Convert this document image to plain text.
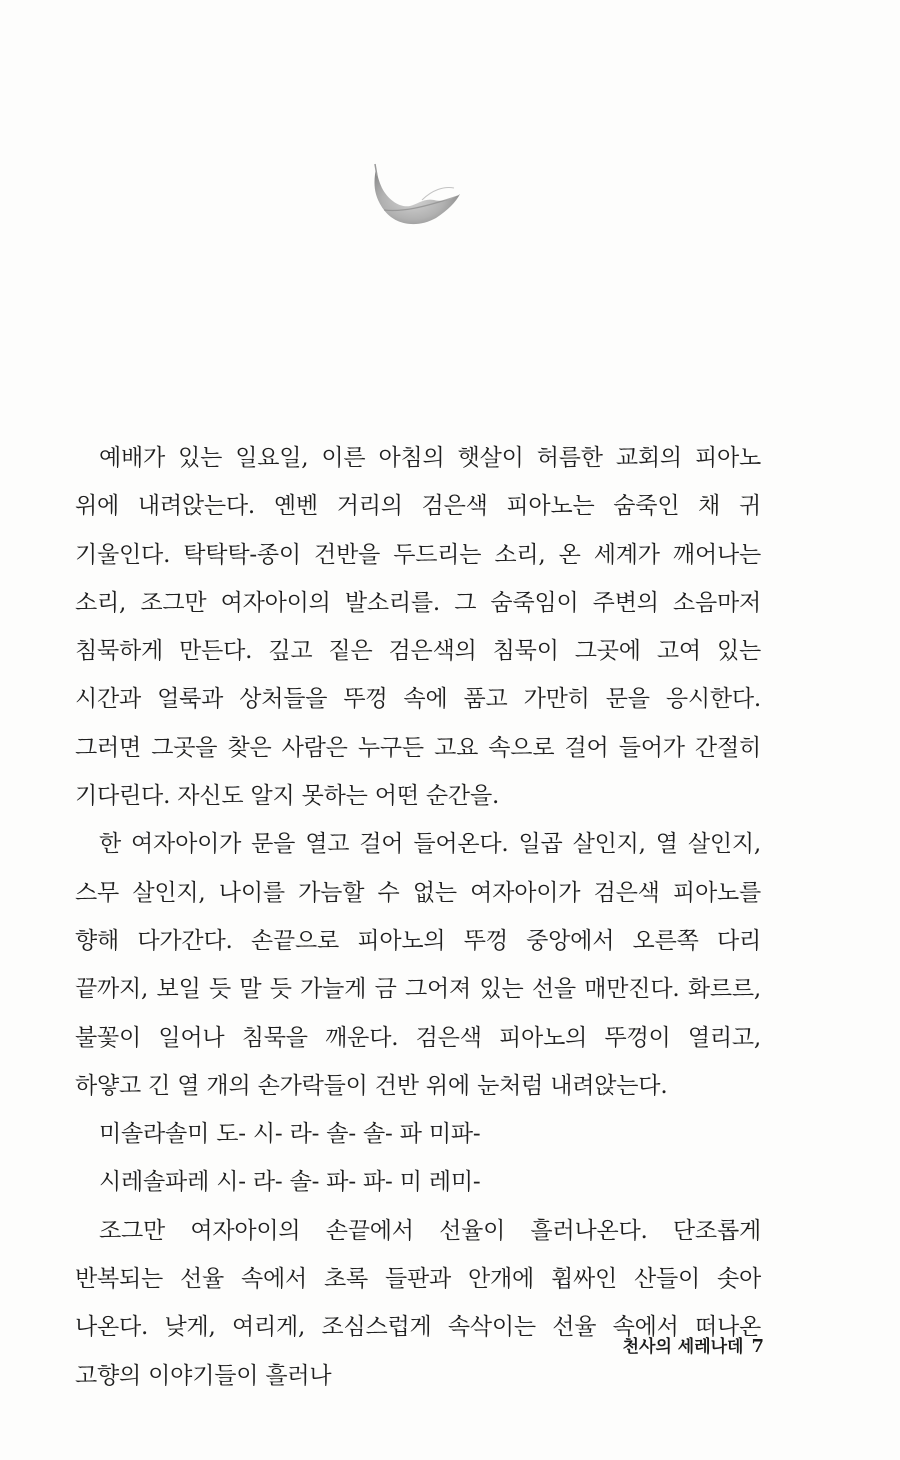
예배가 있는 일요일, 이른 아침의 햇살이 허름한 교회의 피아노 위에 내려앉는다. 옌벤 거리의 검은색 피아노는 숨죽인 채 귀 기울인다. 탁탁탁-종이 건반을 두드리는 소리, 온 세계가 깨어나는 소리, 조그만 여자아이의 발소리를. 그 숨죽임이 주변의 소음마저 침묵하게 만든다. 깊고 짙은 검은색의 침묵이 그곳에 고여 있는 시간과 얼룩과 상처들을 뚜껑 속에 품고 가만히 문을 응시한다. 그러면 그곳을 찾은 사람은 누구든 고요 속으로 걸어 들어가 간절히 기다린다. 자신도 알지 못하는 어떤 순간을.

한 여자아이가 문을 열고 걸어 들어온다. 일곱 살인지, 열 살인지, 스무 살인지, 나이를 가늠할 수 없는 여자아이가 검은색 피아노를 향해 다가간다. 손끝으로 피아노의 뚜껑 중앙에서 오른쪽 다리 끝까지, 보일 듯 말 듯 가늘게 금 그어져 있는 선을 매만진다. 화르르, 불꽃이 일어나 침묵을 깨운다. 검은색 피아노의 뚜껑이 열리고, 하얗고 긴 열 개의 손가락들이 건반 위에 눈처럼 내려앉는다.

미솔라솔미 도- 시- 라- 솔- 솔- 파 미파-

시레솔파레 시- 라- 솔- 파- 파- 미 레미-

조그만 여자아이의 손끝에서 선율이 흘러나온다. 단조롭게 반복되는 선율 속에서 초록 들판과 안개에 휩싸인 산들이 솟아 나온다. 낮게, 여리게, 조심스럽게 속삭이는 선율 속에서 떠나온 고향의 이야기들이 흘러나

천사의 세레나데 7
